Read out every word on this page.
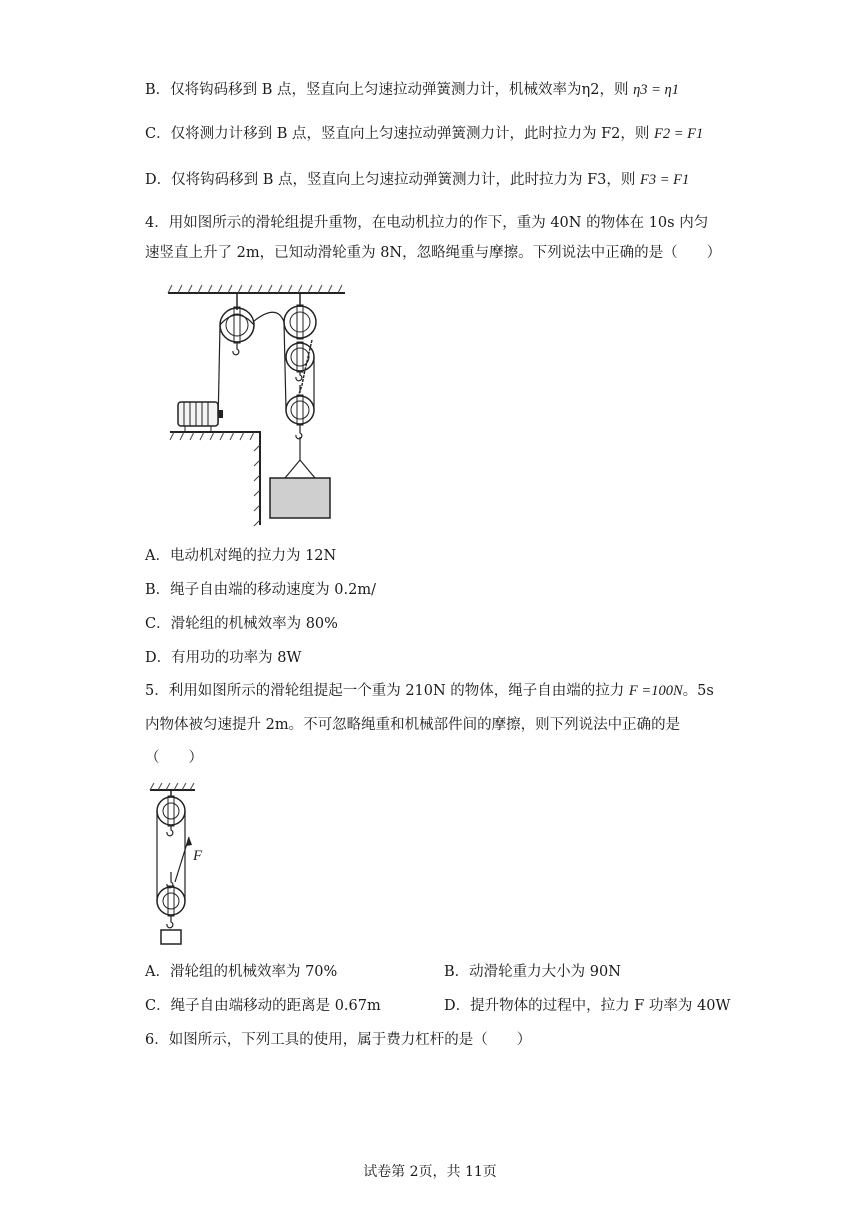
B．仅将钩码移到 B 点，竖直向上匀速拉动弹簧测力计，机械效率为η2，则 η3 = η1
C．仅将测力计移到 B 点，竖直向上匀速拉动弹簧测力计，此时拉力为 F2，则 F2 = F1
D．仅将钩码移到 B 点，竖直向上匀速拉动弹簧测力计，此时拉力为 F3，则 F3 = F1
4．用如图所示的滑轮组提升重物，在电动机拉力的作下，重为 40N 的物体在 10s 内匀
速竖直上升了 2m，已知动滑轮重为 8N，忽略绳重与摩擦。下列说法中正确的是（　　）
A．电动机对绳的拉力为 12N
B．绳子自由端的移动速度为 0.2m/
C．滑轮组的机械效率为 80%
D．有用功的功率为 8W
5．利用如图所示的滑轮组提起一个重为 210N 的物体，绳子自由端的拉力 F =100N。5s
内物体被匀速提升 2m。不可忽略绳重和机械部件间的摩擦，则下列说法中正确的是
（　　）
F
A．滑轮组的机械效率为 70%	B．动滑轮重力大小为 90N
C．绳子自由端移动的距离是 0.67m	D．提升物体的过程中，拉力 F 功率为 40W
6．如图所示，下列工具的使用，属于费力杠杆的是（　　）
试卷第 2页，共 11页
